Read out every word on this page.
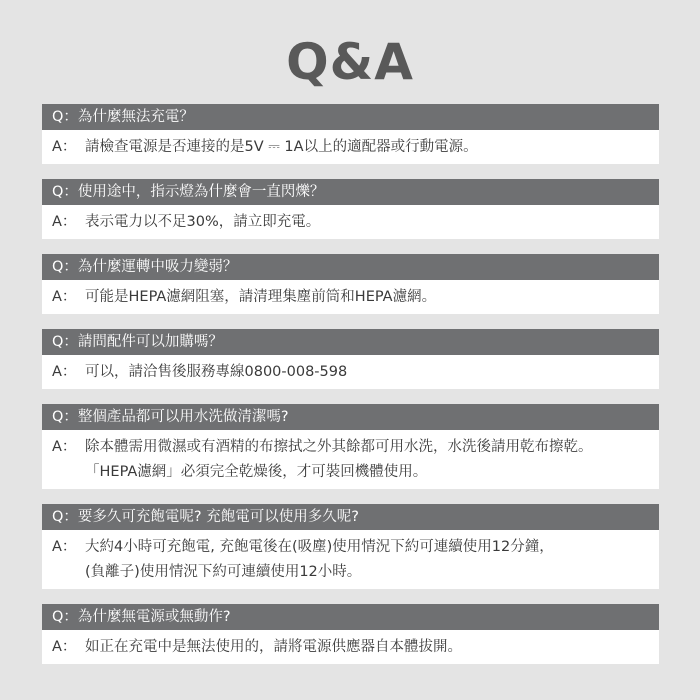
Q&A
Q：為什麼無法充電？
A： 請檢查電源是否連接的是5V ⎓ 1A以上的適配器或行動電源。
Q：使用途中，指示燈為什麼會一直閃爍？
A： 表示電力以不足30%，請立即充電。
Q：為什麼運轉中吸力變弱？
A： 可能是HEPA濾網阻塞，請清理集塵前筒和HEPA濾網。
Q：請問配件可以加購嗎？
A： 可以，請洽售後服務專線0800-008-598
Q：整個產品都可以用水洗做清潔嗎?
A： 除本體需用微濕或有酒精的布擦拭之外其餘都可用水洗，水洗後請用乾布擦乾。
「HEPA濾網」必須完全乾燥後，才可裝回機體使用。
Q：要多久可充飽電呢? 充飽電可以使用多久呢?
A： 大約4小時可充飽電, 充飽電後在(吸塵)使用情況下約可連續使用12分鐘，
(負離子)使用情況下約可連續使用12小時。
Q：為什麼無電源或無動作?
A： 如正在充電中是無法使用的，請將電源供應器自本體拔開。
